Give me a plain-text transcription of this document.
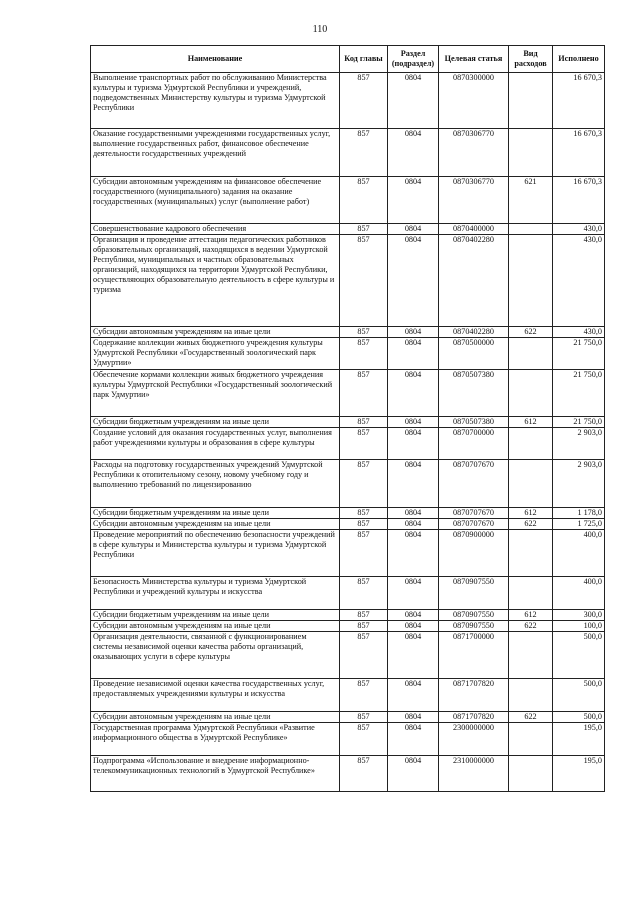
110
Наименование	Код главы	Раздел (подраздел)	Целевая статья	Вид расходов	Исполнено
Выполнение транспортных работ по обслуживанию Министерства культуры и туризма Удмуртской Республики и учреждений, подведомственных Министерству культуры и туризма Удмуртской Республики	857	0804	0870300000		16 670,3
Оказание государственными учреждениями государственных услуг, выполнение государственных работ, финансовое обеспечение деятельности государственных учреждений	857	0804	0870306770		16 670,3
Субсидии автономным учреждениям на финансовое обеспечение государственного (муниципального) задания на оказание государственных (муниципальных) услуг (выполнение работ)	857	0804	0870306770	621	16 670,3
Совершенствование кадрового обеспечения	857	0804	0870400000		430,0
Организация и проведение аттестации педагогических работников образовательных организаций, находящихся в ведении Удмуртской Республики, муниципальных и частных образовательных организаций, находящихся на территории Удмуртской Республики, осуществляющих образовательную деятельность в сфере культуры и туризма	857	0804	0870402280		430,0
Субсидии автономным учреждениям на иные цели	857	0804	0870402280	622	430,0
Содержание коллекции живых бюджетного учреждения культуры Удмуртской Республики «Государственный зоологический парк Удмуртии»	857	0804	0870500000		21 750,0
Обеспечение кормами коллекции живых бюджетного учреждения культуры Удмуртской Республики «Государственный зоологический парк Удмуртии»	857	0804	0870507380		21 750,0
Субсидии бюджетным учреждениям на иные цели	857	0804	0870507380	612	21 750,0
Создание условий для оказания государственных услуг, выполнения работ учреждениями культуры и образования в сфере культуры	857	0804	0870700000		2 903,0
Расходы на подготовку государственных учреждений Удмуртской Республики к отопительному сезону, новому учебному году и выполнению требований по лицензированию	857	0804	0870707670		2 903,0
Субсидии бюджетным учреждениям на иные цели	857	0804	0870707670	612	1 178,0
Субсидии автономным учреждениям на иные цели	857	0804	0870707670	622	1 725,0
Проведение мероприятий по обеспечению безопасности учреждений в сфере культуры и Министерства культуры и туризма Удмуртской Республики	857	0804	0870900000		400,0
Безопасность Министерства культуры и туризма Удмуртской Республики и учреждений культуры и искусства	857	0804	0870907550		400,0
Субсидии бюджетным учреждениям на иные цели	857	0804	0870907550	612	300,0
Субсидии автономным учреждениям на иные цели	857	0804	0870907550	622	100,0
Организация деятельности, связанной с функционированием системы независимой оценки качества работы организаций, оказывающих услуги в сфере культуры	857	0804	0871700000		500,0
Проведение независимой оценки качества государственных услуг, предоставляемых учреждениями культуры и искусства	857	0804	0871707820		500,0
Субсидии автономным учреждениям на иные цели	857	0804	0871707820	622	500,0
Государственная программа Удмуртской Республики «Развитие информационного общества в Удмуртской Республике»	857	0804	2300000000		195,0
Подпрограмма «Использование и внедрение информационно-телекоммуникационных технологий в Удмуртской Республике»	857	0804	2310000000		195,0
